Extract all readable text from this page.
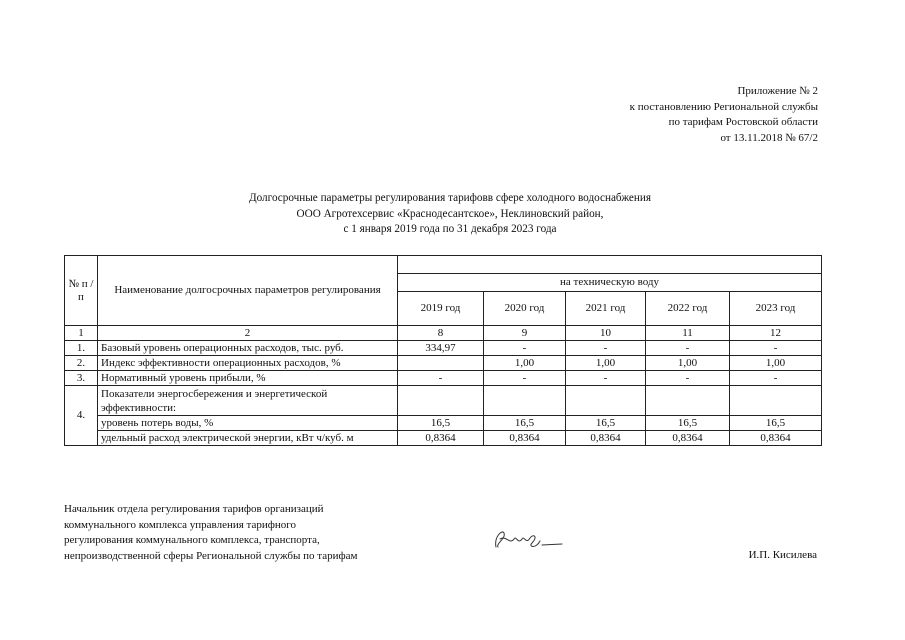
Приложение № 2
к постановлению Региональной службы
по тарифам Ростовской области
от 13.11.2018 № 67/2
Долгосрочные параметры регулирования тарифовв сфере холодного водоснабжения
ООО Агротехсервис «Краснодесантское», Неклиновский район,
с 1 января 2019 года по 31 декабря 2023 года
№ п /п	Наименование долгосрочных параметров регулирования					
		на техническую воду				
		2019 год	2020 год	2021 год	2022 год	2023 год
1	2	8	9	10	11	12
1.	Базовый уровень операционных расходов, тыс. руб.	334,97	-	-	-	-
2.	Индекс эффективности операционных расходов, %		1,00	1,00	1,00	1,00
3.	Нормативный уровень прибыли, %	-	-	-	-	-
4.	Показатели энергосбережения и энергетической эффективности:					
	уровень потерь воды, %	16,5	16,5	16,5	16,5	16,5
	удельный расход электрической энергии, кВт ч/куб. м	0,8364	0,8364	0,8364	0,8364	0,8364
Начальник отдела регулирования тарифов организаций
коммунального комплекса управления тарифного
регулирования коммунального комплекса, транспорта,
непроизводственной сферы Региональной службы по тарифам	И.П. Кисилева
